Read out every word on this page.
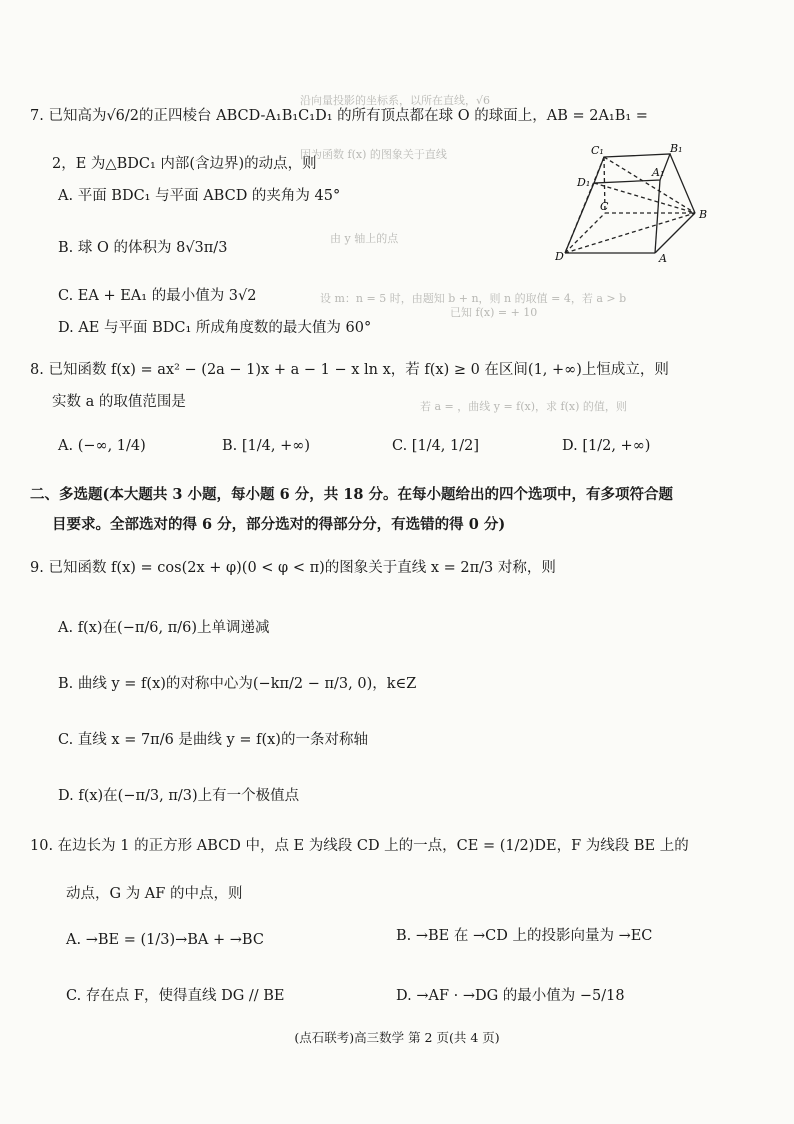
沿向量投影的坐标系，以所在直线，√6
因为函数 f(x) 的图象关于直线
由 y 轴上的点
设 m：n = 5 时，由题知 b + n，则 n 的取值 = 4，若 a > b
若 a = ，曲线 y = f(x)，求 f(x) 的值，则
已知 f(x) = + 10
7. 已知高为√6/2的正四棱台 ABCD-A₁B₁C₁D₁ 的所有顶点都在球 O 的球面上，AB = 2A₁B₁ =
2，E 为△BDC₁ 内部(含边界)的动点，则
A. 平面 BDC₁ 与平面 ABCD 的夹角为 45°
B. 球 O 的体积为 8√3π/3
C. EA + EA₁ 的最小值为 3√2
D. AE 与平面 BDC₁ 所成角度数的最大值为 60°
C₁	B₁
D₁
A₁
C
B
D	A
8. 已知函数 f(x) = ax² − (2a − 1)x + a − 1 − x ln x，若 f(x) ≥ 0 在区间(1, +∞)上恒成立，则
实数 a 的取值范围是
A. (−∞, 1/4)	B. [1/4, +∞)	C. [1/4, 1/2]	D. [1/2, +∞)
二、多选题(本大题共 3 小题，每小题 6 分，共 18 分。在每小题给出的四个选项中，有多项符合题
目要求。全部选对的得 6 分，部分选对的得部分分，有选错的得 0 分)
9. 已知函数 f(x) = cos(2x + φ)(0 < φ < π)的图象关于直线 x = 2π/3 对称，则
A. f(x)在(−π/6, π/6)上单调递减
B. 曲线 y = f(x)的对称中心为(−kπ/2 − π/3, 0)，k∈Z
C. 直线 x = 7π/6 是曲线 y = f(x)的一条对称轴
D. f(x)在(−π/3, π/3)上有一个极值点
10. 在边长为 1 的正方形 ABCD 中，点 E 为线段 CD 上的一点，CE = (1/2)DE，F 为线段 BE 上的
动点，G 为 AF 的中点，则
A. →BE = (1/3)→BA + →BC	B. →BE 在 →CD 上的投影向量为 →EC
C. 存在点 F，使得直线 DG // BE	D. →AF · →DG 的最小值为 −5/18
(点石联考)高三数学 第 2 页(共 4 页)
